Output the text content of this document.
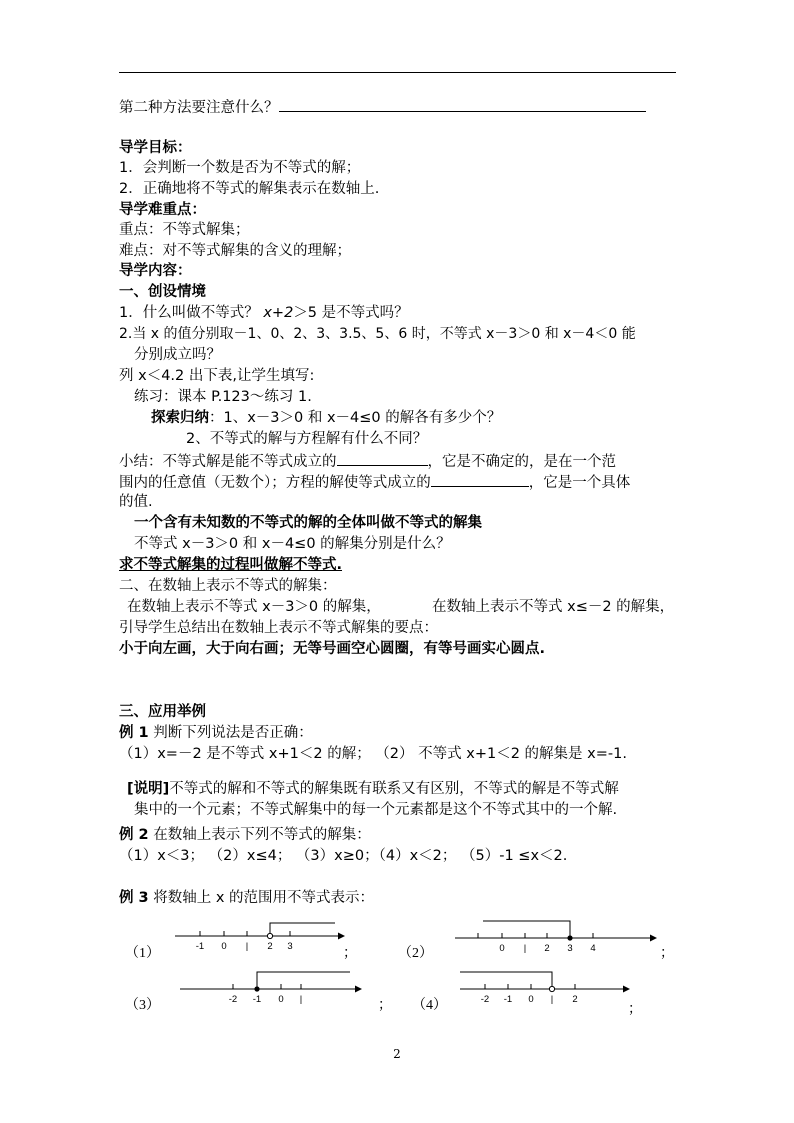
第二种方法要注意什么？
导学目标：
1．会判断一个数是否为不等式的解；
2．正确地将不等式的解集表示在数轴上.
导学难重点：
重点：不等式解集；
难点：对不等式解集的含义的理解；
导学内容：
一、创设情境
1．什么叫做不等式？ x+2＞5 是不等式吗？
2.当 x 的值分别取－1、0、2、3、3.5、5、6 时，不等式 x－3＞0 和 x－4＜0 能
分别成立吗？
列 x＜4.2 出下表,让学生填写:
练习：课本 P.123～练习 1.
探索归纳：1、x－3＞0 和 x－4≤0 的解各有多少个？
2、不等式的解与方程解有什么不同？
小结：不等式解是能不等式成立的	，它是不确定的，是在一个范
围内的任意值（无数个）；方程的解使等式成立的	，它是一个具体
的值.
一个含有未知数的不等式的解的全体叫做不等式的解集
不等式 x－3＞0 和 x－4≤0 的解集分别是什么？
求不等式解集的过程叫做解不等式.
二、在数轴上表示不等式的解集：
在数轴上表示不等式 x－3＞0 的解集，	在数轴上表示不等式 x≤－2 的解集，
引导学生总结出在数轴上表示不等式解集的要点：
小于向左画，大于向右画；无等号画空心圆圈，有等号画实心圆点.
三、应用举例
例 1 判断下列说法是否正确：
（1）x=－2 是不等式 x+1＜2 的解； （2） 不等式 x+1＜2 的解集是 x=-1.
[说明]不等式的解和不等式的解集既有联系又有区别，不等式的解是不等式解
集中的一个元素；不等式解集中的每一个元素都是这个不等式其中的一个解.
例 2 在数轴上表示下列不等式的解集：
（1）x＜3； （2）x≤4； （3）x≥0；（4）x＜2； （5）-1 ≤x＜2.
例 3 将数轴上 x 的范围用不等式表示：
（1）	；	（2）	；
（3）	； （4）	；
-1 0 | 2 3	0 | 2 3 4
-2 -1 0 |	-2 -1 0 | 2
2
